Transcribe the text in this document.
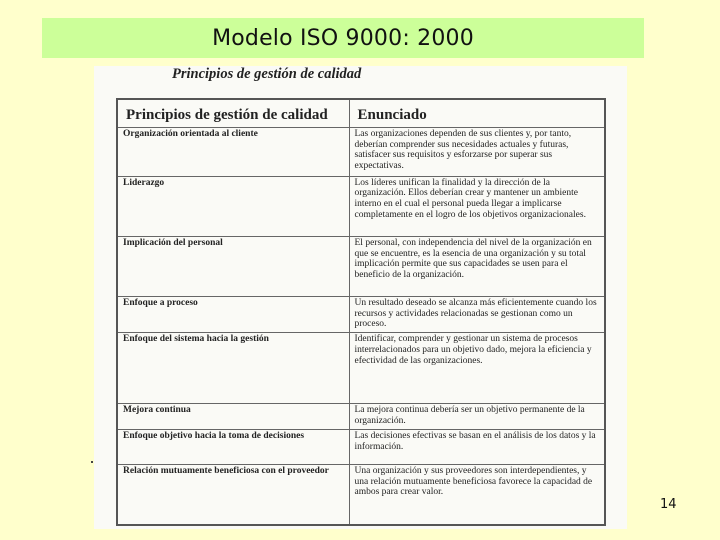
Modelo ISO 9000: 2000
Principios de gestión de calidad
Principios de gestión de calidad	Enunciado
Organización orientada al cliente	Las organizaciones dependen de sus clientes y, por tanto, deberían comprender sus necesidades actuales y futuras, satisfacer sus requisitos y esforzarse por superar sus expectativas.
Liderazgo	Los líderes unifican la finalidad y la dirección de la organización. Ellos deberían crear y mantener un ambiente interno en el cual el personal pueda llegar a implicarse completamente en el logro de los objetivos organizacionales.
Implicación del personal	El personal, con independencia del nivel de la organización en que se encuentre, es la esencia de una organización y su total implicación permite que sus capacidades se usen para el beneficio de la organización.
Enfoque a proceso	Un resultado deseado se alcanza más eficientemente cuando los recursos y actividades relacionadas se gestionan como un proceso.
Enfoque del sistema hacia la gestión	Identificar, comprender y gestionar un sistema de procesos interrelacionados para un objetivo dado, mejora la eficiencia y efectividad de las organizaciones.
Mejora continua	La mejora continua debería ser un objetivo permanente de la organización.
Enfoque objetivo hacia la toma de decisiones	Las decisiones efectivas se basan en el análisis de los datos y la información.
Relación mutuamente beneficiosa con el proveedor	Una organización y sus proveedores son interdependientes, y una relación mutuamente beneficiosa favorece la capacidad de ambos para crear valor.
14
